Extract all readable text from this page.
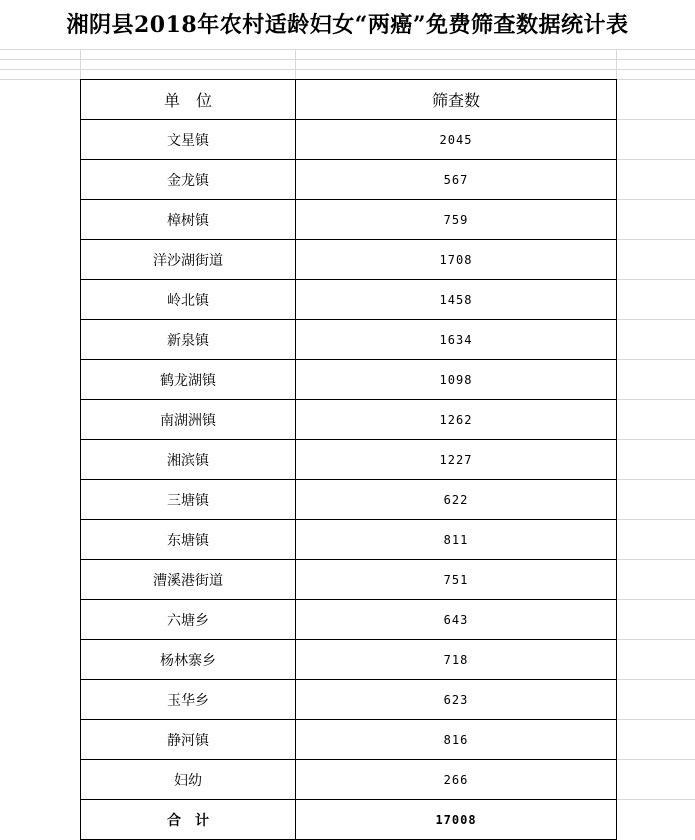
湘阴县2018年农村适龄妇女“两癌”免费筛查数据统计表
单　位	筛查数
文星镇	2045
金龙镇	567
樟树镇	759
洋沙湖街道	1708
岭北镇	1458
新泉镇	1634
鹤龙湖镇	1098
南湖洲镇	1262
湘滨镇	1227
三塘镇	622
东塘镇	811
漕溪港街道	751
六塘乡	643
杨林寨乡	718
玉华乡	623
静河镇	816
妇幼	266
合　计	17008
